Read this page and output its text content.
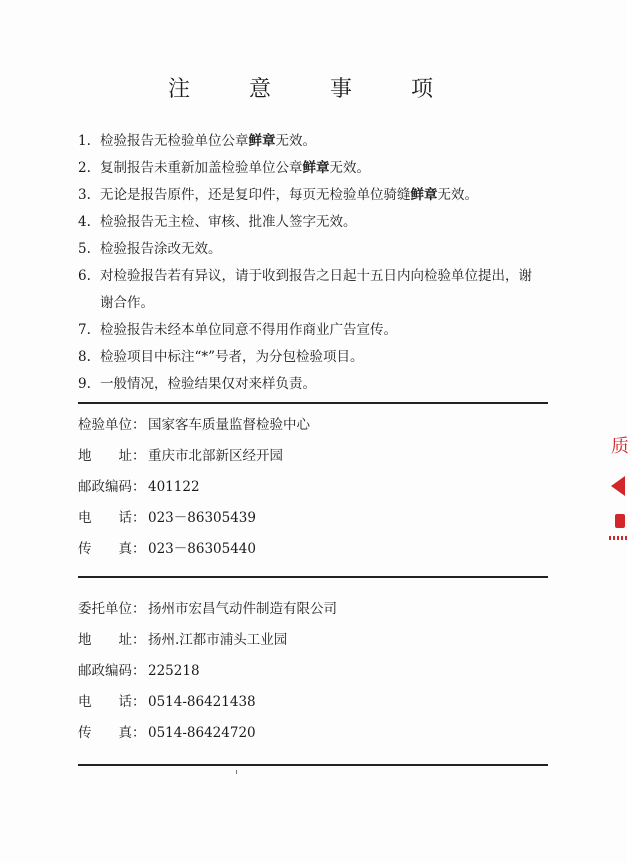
注 意 事 项

1. 检验报告无检验单位公章鲜章无效。

2. 复制报告未重新加盖检验单位公章鲜章无效。

3. 无论是报告原件，还是复印件，每页无检验单位骑缝鲜章无效。

4. 检验报告无主检、审核、批准人签字无效。

5. 检验报告涂改无效。

6. 对检验报告若有异议，请于收到报告之日起十五日内向检验单位提出，谢

谢合作。

7. 检验报告未经本单位同意不得用作商业广告宣传。

8. 检验项目中标注“*”号者，为分包检验项目。

9. 一般情况，检验结果仅对来样负责。

检验单位： 国家客车质量监督检验中心
地　　址： 重庆市北部新区经开园
邮政编码： 401122
电　　话： 023－86305439
传　　真： 023－86305440
委托单位： 扬州市宏昌气动件制造有限公司
地　　址： 扬州.江都市浦头工业园
邮政编码： 225218
电　　话： 0514-86421438
传　　真： 0514-86424720
质
